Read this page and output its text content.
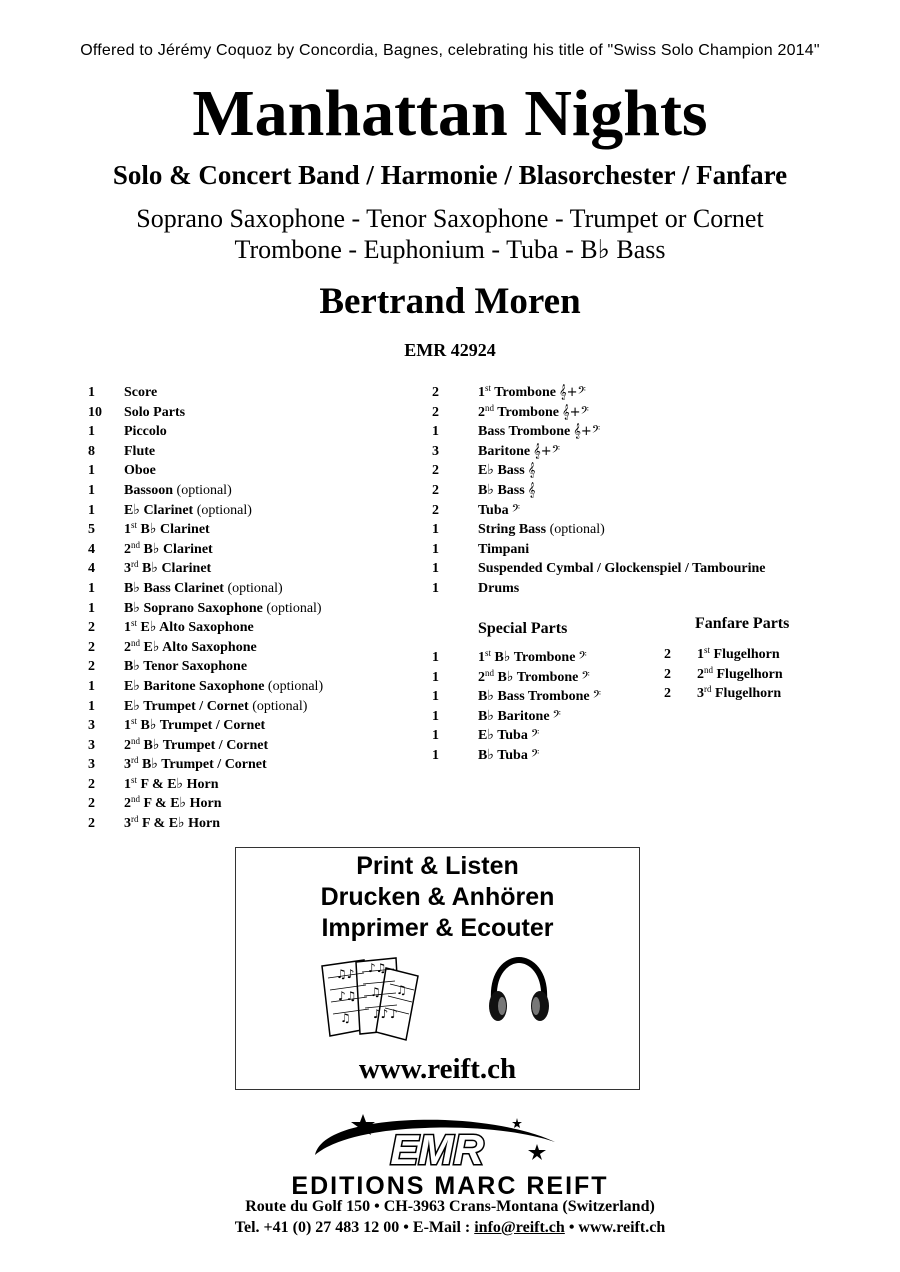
Offered to Jérémy Coquoz by Concordia, Bagnes, celebrating his title of "Swiss Solo Champion 2014"
Manhattan Nights
Solo & Concert Band / Harmonie / Blasorchester / Fanfare
Soprano Saxophone - Tenor Saxophone - Trumpet or Cornet
Trombone - Euphonium - Tuba - B♭ Bass
Bertrand Moren
EMR 42924
1 Score
10 Solo Parts
1 Piccolo
8 Flute
1 Oboe
1 Bassoon (optional)
1 E♭ Clarinet (optional)
5 1st B♭ Clarinet
4 2nd B♭ Clarinet
4 3rd B♭ Clarinet
1 B♭ Bass Clarinet (optional)
1 B♭ Soprano Saxophone (optional)
2 1st E♭ Alto Saxophone
2 2nd E♭ Alto Saxophone
2 B♭ Tenor Saxophone
1 E♭ Baritone Saxophone (optional)
1 E♭ Trumpet / Cornet (optional)
3 1st B♭ Trumpet / Cornet
3 2nd B♭ Trumpet / Cornet
3 3rd B♭ Trumpet / Cornet
2 1st F & E♭ Horn
2 2nd F & E♭ Horn
2 3rd F & E♭ Horn
2	1st Trombone 𝄞+𝄢
2	2nd Trombone 𝄞+𝄢
1	Bass Trombone 𝄞+𝄢
3	Baritone 𝄞+𝄢
2	E♭ Bass 𝄞
2	B♭ Bass 𝄞
2	Tuba 𝄢
1	String Bass (optional)
1	Timpani
1	Suspended Cymbal / Glockenspiel / Tambourine
1	Drums
Special Parts	Fanfare Parts
1	1st B♭ Trombone 𝄢
1	2nd B♭ Trombone 𝄢
1	B♭ Bass Trombone 𝄢
1	B♭ Baritone 𝄢
1	E♭ Tuba 𝄢
1	B♭ Tuba 𝄢
2 1st Flugelhorn
2 2nd Flugelhorn
2 3rd Flugelhorn
Print & Listen
Drucken & Anhören
Imprimer & Ecouter
♫♪
♪♫
♫
♪♫
♫
♪♪
♫
♪
www.reift.ch
EMR
EDITIONS MARC REIFT
Route du Golf 150 • CH-3963 Crans-Montana (Switzerland)
Tel. +41 (0) 27 483 12 00 • E-Mail : info@reift.ch • www.reift.ch
